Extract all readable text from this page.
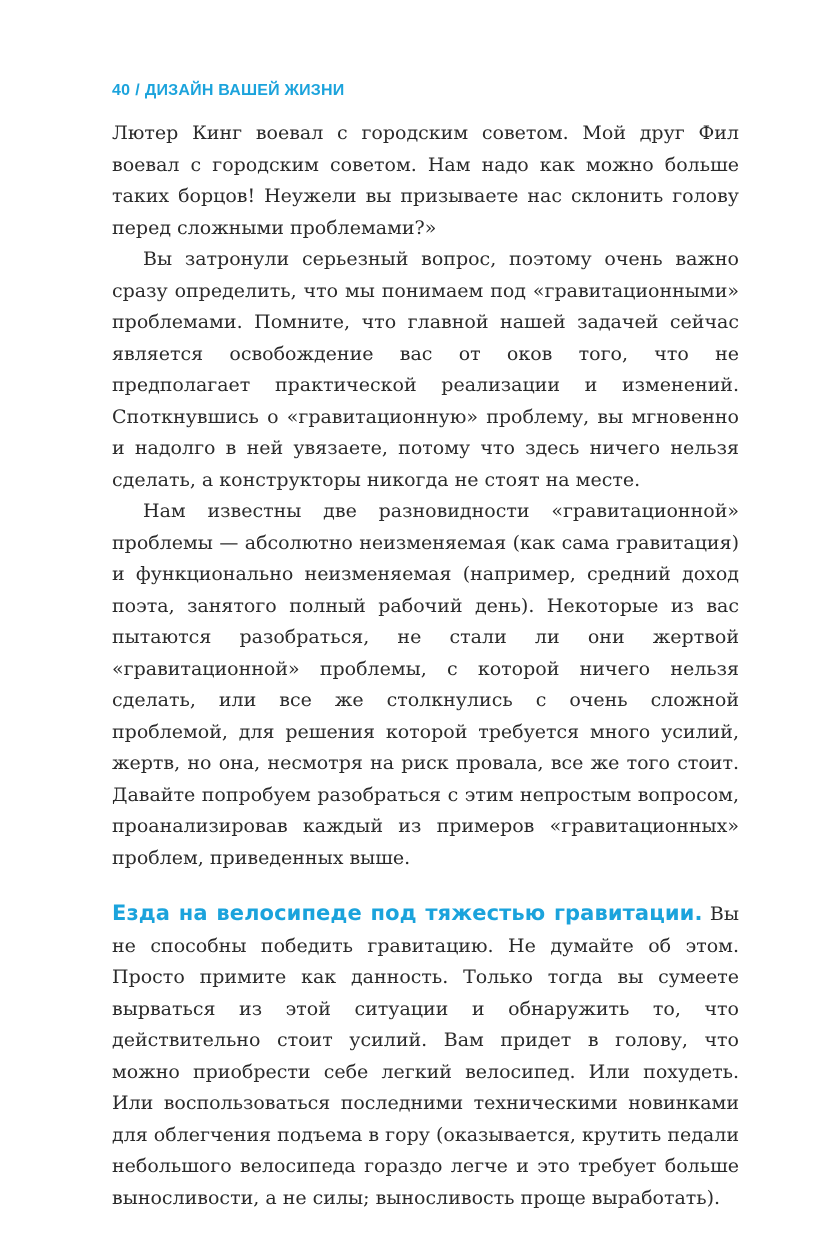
40 / ДИЗАЙН ВАШЕЙ ЖИЗНИ

Лютер Кинг воевал с городским советом. Мой друг Фил воевал с городским советом. Нам надо как можно больше таких борцов! Неужели вы призываете нас склонить голову перед сложными проблемами?»

Вы затронули серьезный вопрос, поэтому очень важно сразу определить, что мы понимаем под «гравитационными» проблемами. Помните, что главной нашей задачей сейчас является освобождение вас от оков того, что не предполагает практической реализации и изменений. Споткнувшись о «гравитационную» проблему, вы мгновенно и надолго в ней увязаете, потому что здесь ничего нельзя сделать, а конструкторы никогда не стоят на месте.

Нам известны две разновидности «гравитационной» проблемы — абсолютно неизменяемая (как сама гравитация) и функционально неизменяемая (например, средний доход поэта, занятого полный рабочий день). Некоторые из вас пытаются разобраться, не стали ли они жертвой «гравитационной» проблемы, с которой ничего нельзя сделать, или все же столкнулись с очень сложной проблемой, для решения которой требуется много усилий, жертв, но она, несмотря на риск провала, все же того стоит. Давайте попробуем разобраться с этим непростым вопросом, проанализировав каждый из примеров «гравитационных» проблем, приведенных выше.

Езда на велосипеде под тяжестью гравитации. Вы не способны победить гравитацию. Не думайте об этом. Просто примите как данность. Только тогда вы сумеете вырваться из этой ситуации и обнаружить то, что действительно стоит усилий. Вам придет в голову, что можно приобрести себе легкий велосипед. Или похудеть. Или воспользоваться последними техническими новинками для облегчения подъема в гору (оказывается, крутить педали небольшого велосипеда гораздо легче и это требует больше выносливости, а не силы; выносливость проще выработать).
